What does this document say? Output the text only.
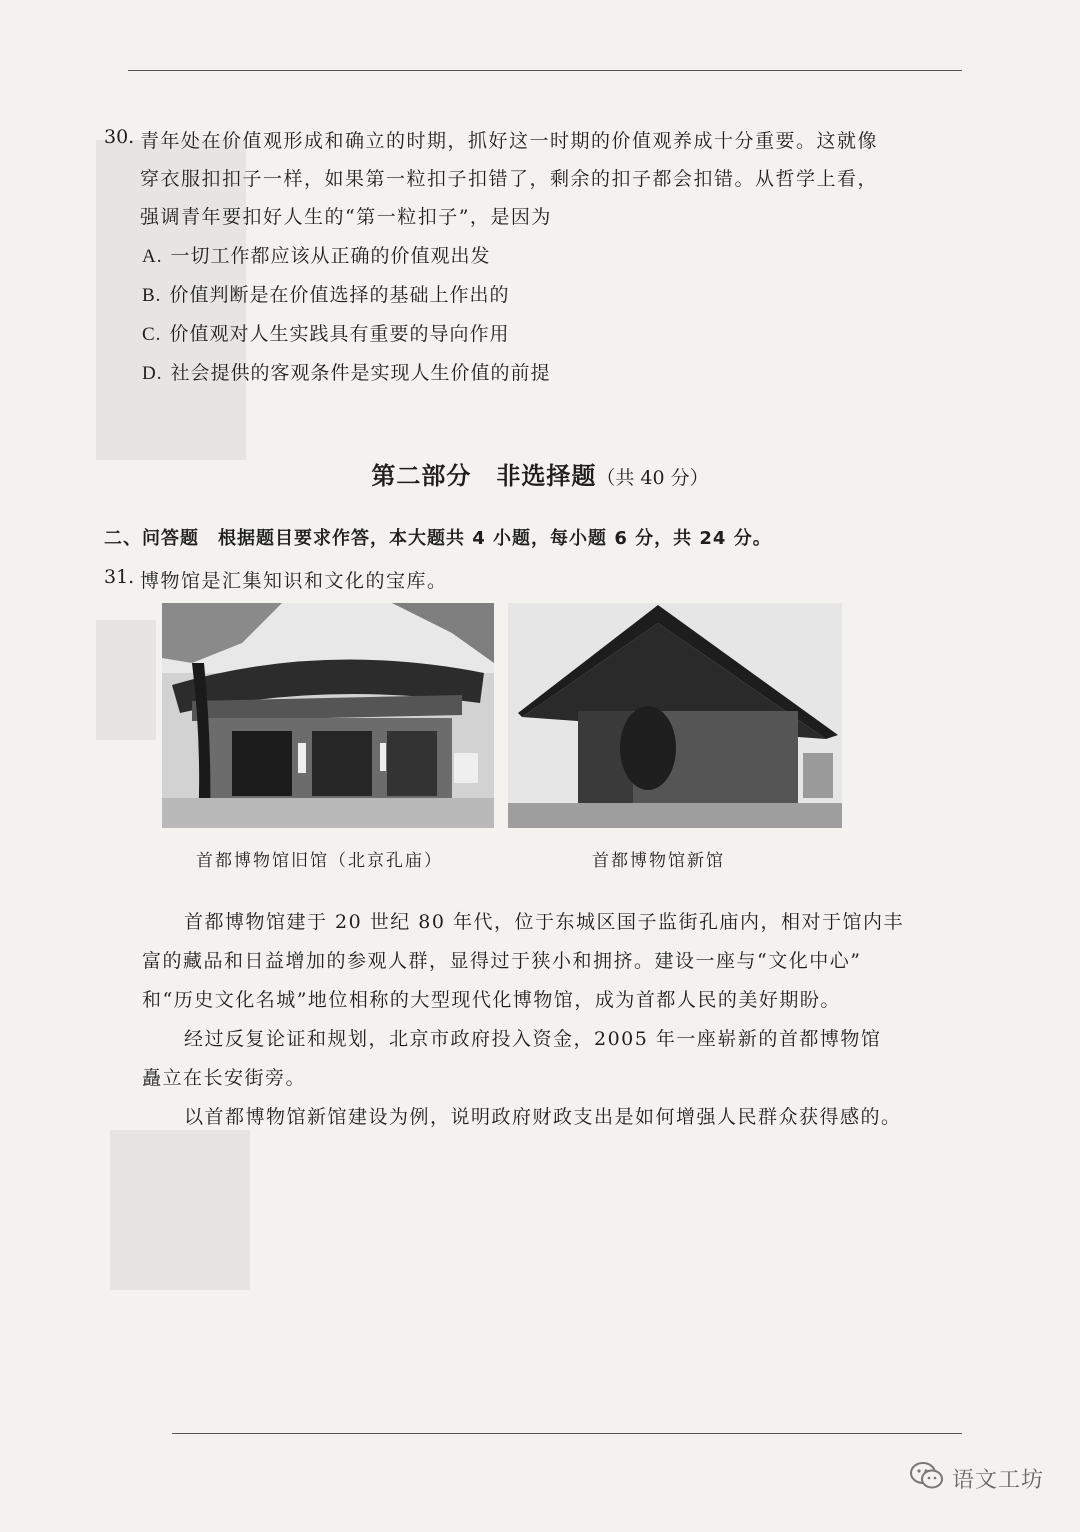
30. 青年处在价值观形成和确立的时期，抓好这一时期的价值观养成十分重要。这就像
穿衣服扣扣子一样，如果第一粒扣子扣错了，剩余的扣子都会扣错。从哲学上看，
强调青年要扣好人生的“第一粒扣子”，是因为
A. 一切工作都应该从正确的价值观出发
B. 价值判断是在价值选择的基础上作出的
C. 价值观对人生实践具有重要的导向作用
D. 社会提供的客观条件是实现人生价值的前提
第二部分　非选择题（共 40 分）
二、问答题　根据题目要求作答，本大题共 4 小题，每小题 6 分，共 24 分。
31. 博物馆是汇集知识和文化的宝库。
首都博物馆旧馆（北京孔庙）	首都博物馆新馆
首都博物馆建于 20 世纪 80 年代，位于东城区国子监街孔庙内，相对于馆内丰
富的藏品和日益增加的参观人群，显得过于狭小和拥挤。建设一座与“文化中心”
和“历史文化名城”地位相称的大型现代化博物馆，成为首都人民的美好期盼。
经过反复论证和规划，北京市政府投入资金，2005 年一座崭新的首都博物馆
矗立在长安街旁。
以首都博物馆新馆建设为例，说明政府财政支出是如何增强人民群众获得感的。
语文工坊
